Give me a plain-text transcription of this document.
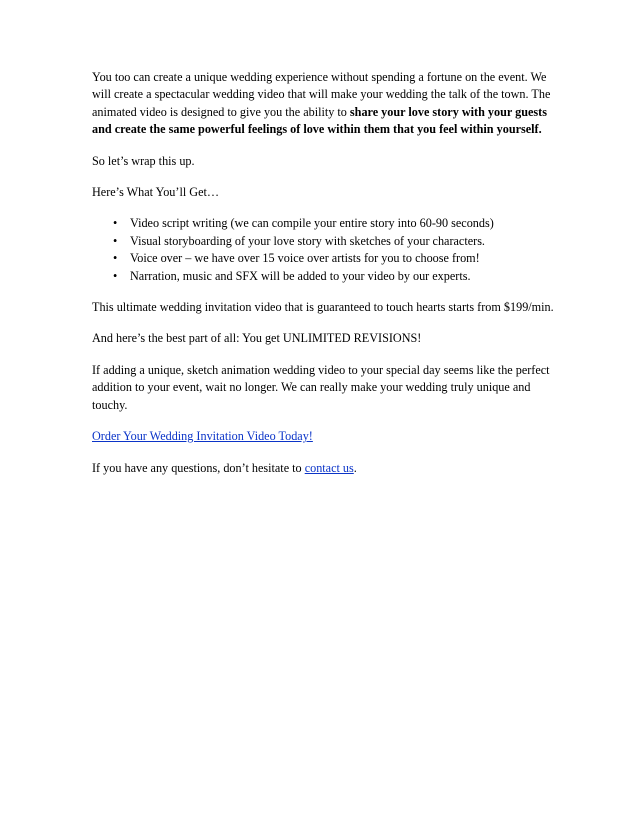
You too can create a unique wedding experience without spending a fortune on the event. We will create a spectacular wedding video that will make your wedding the talk of the town. The animated video is designed to give you the ability to share your love story with your guests and create the same powerful feelings of love within them that you feel within yourself.

So let’s wrap this up.

Here’s What You’ll Get…

• Video script writing (we can compile your entire story into 60-90 seconds)
• Visual storyboarding of your love story with sketches of your characters.
• Voice over – we have over 15 voice over artists for you to choose from!
• Narration, music and SFX will be added to your video by our experts.

This ultimate wedding invitation video that is guaranteed to touch hearts starts from $199/min.

And here’s the best part of all: You get UNLIMITED REVISIONS!

If adding a unique, sketch animation wedding video to your special day seems like the perfect addition to your event, wait no longer. We can really make your wedding truly unique and touchy.

Order Your Wedding Invitation Video Today!

If you have any questions, don’t hesitate to contact us.
